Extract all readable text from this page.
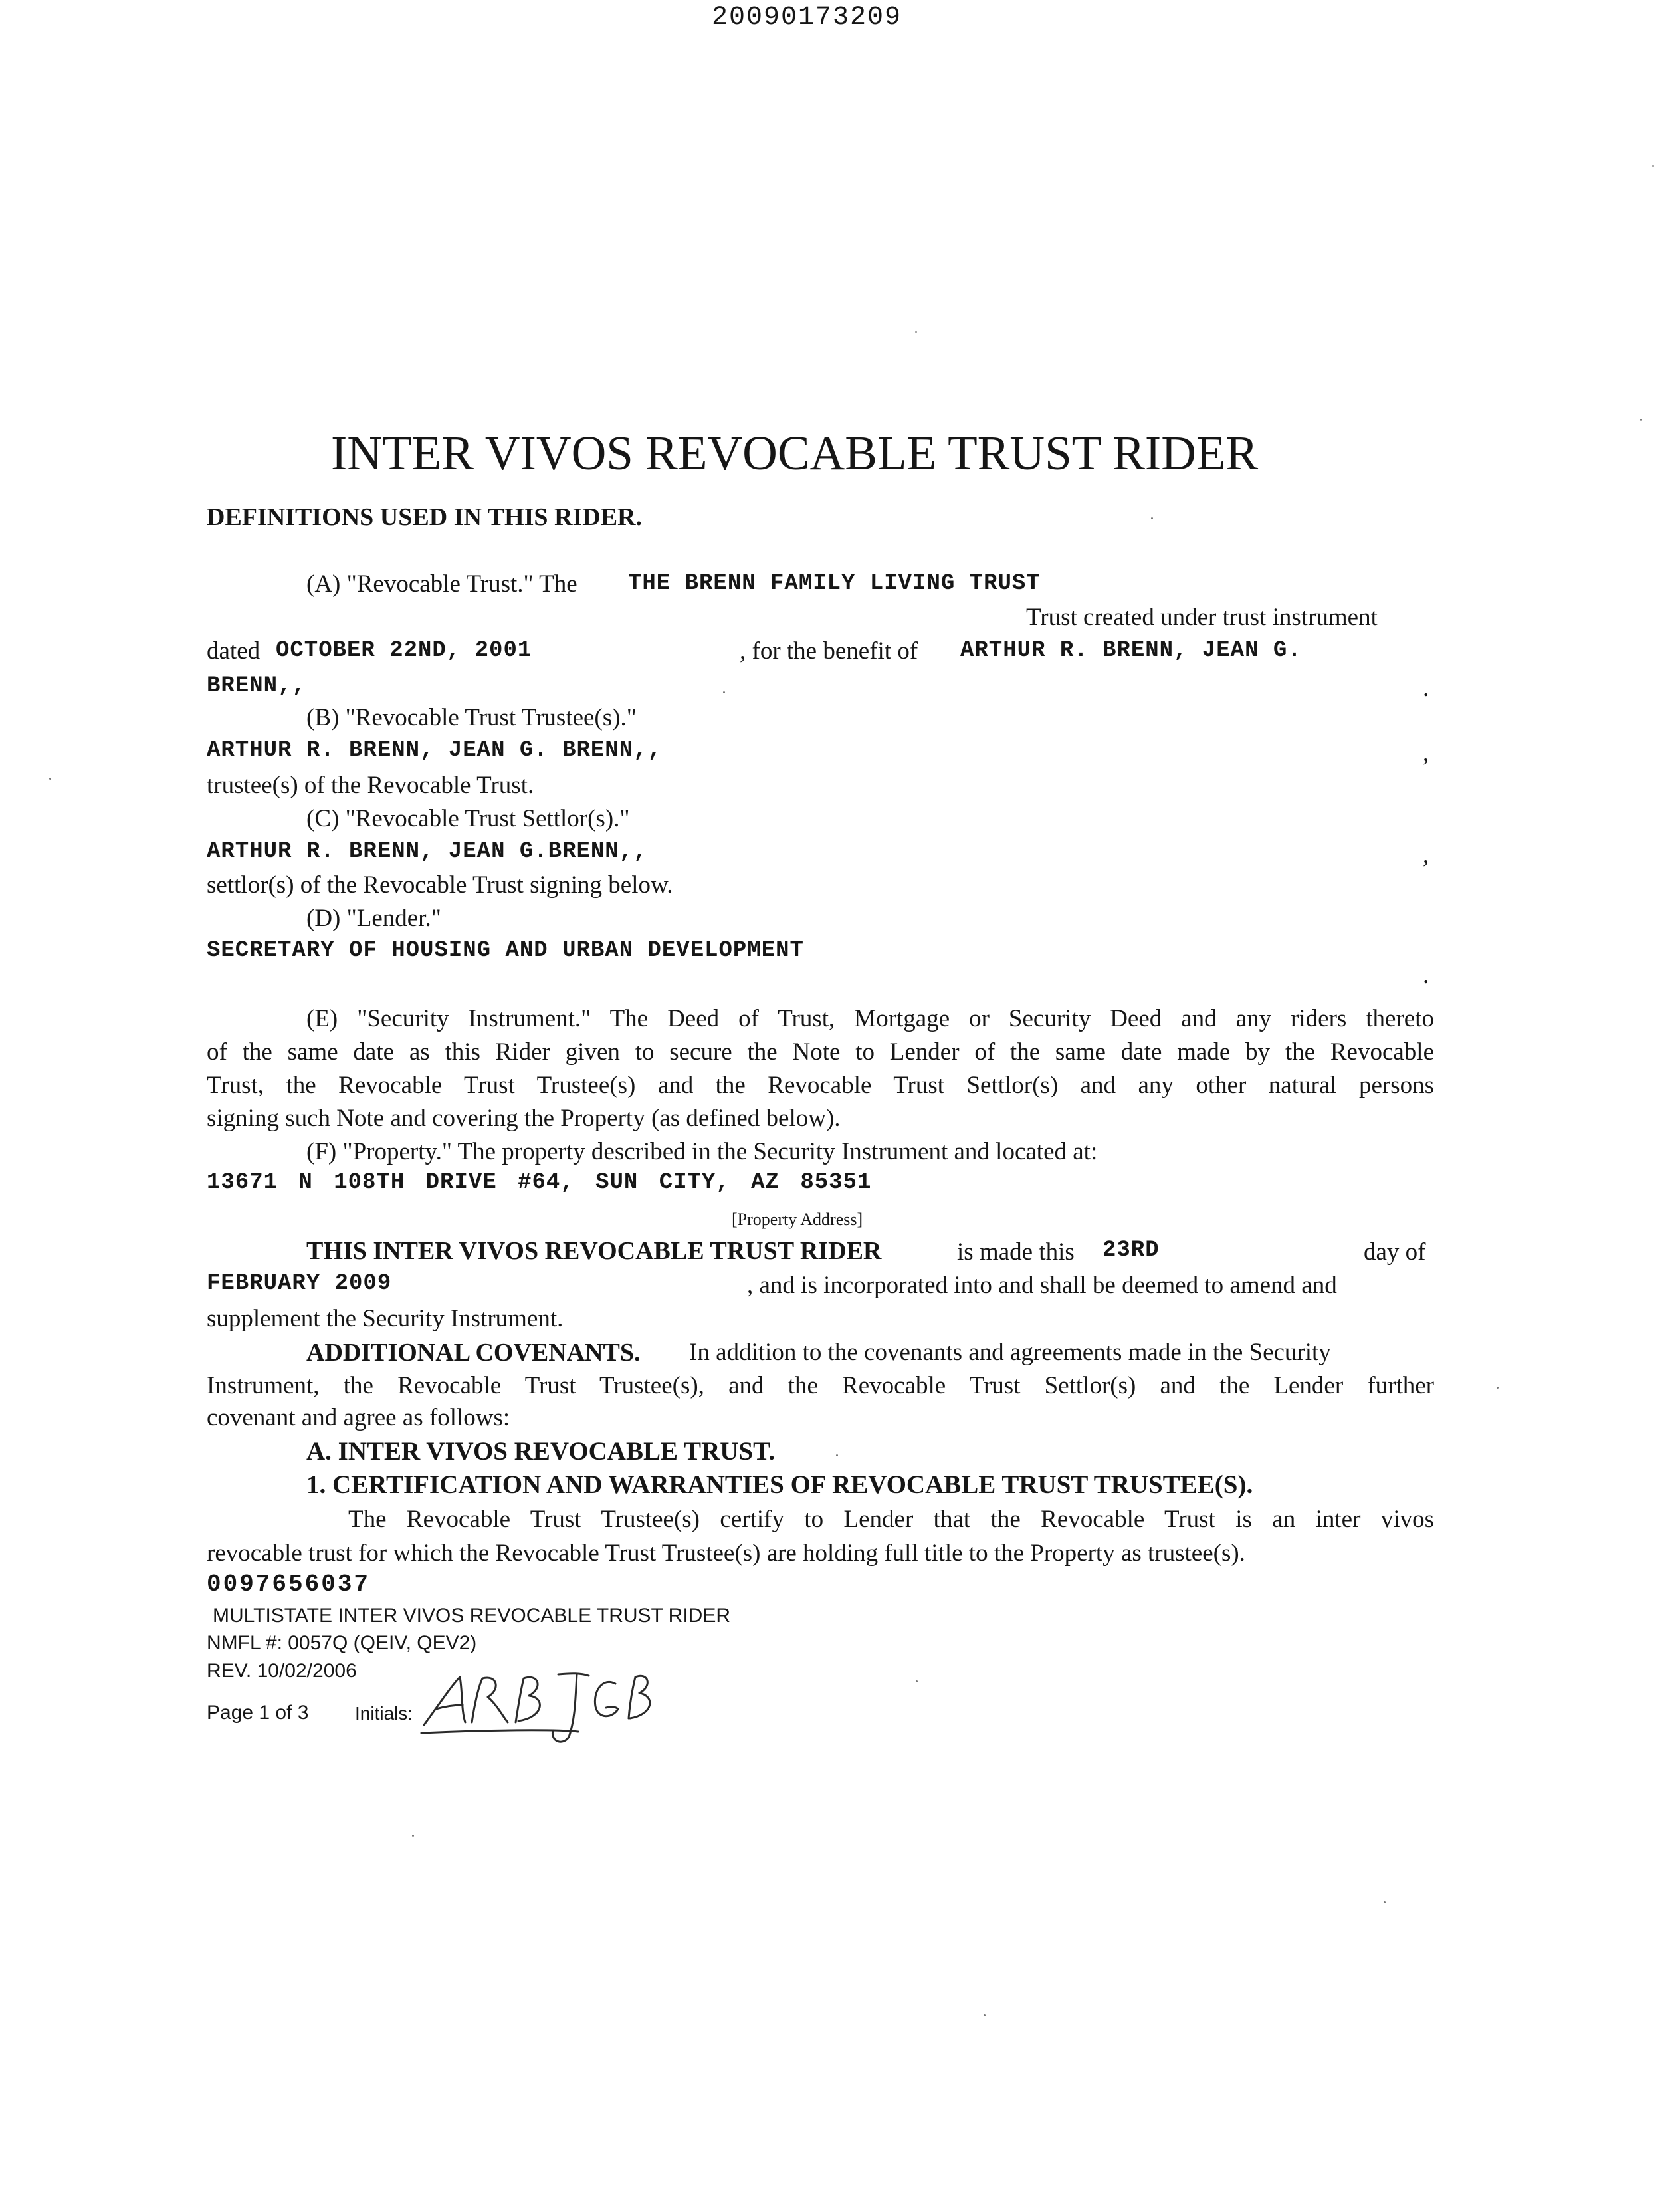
20090173209
INTER VIVOS REVOCABLE TRUST RIDER
DEFINITIONS USED IN THIS RIDER.
(A) "Revocable Trust." The THE BRENN FAMILY LIVING TRUST
Trust created under trust instrument
dated OCTOBER 22ND, 2001	, for the benefit of ARTHUR R. BRENN, JEAN G.
BRENN,,	.
(B) "Revocable Trust Trustee(s)."
ARTHUR R. BRENN, JEAN G. BRENN,,	,
trustee(s) of the Revocable Trust.
(C) "Revocable Trust Settlor(s)."
ARTHUR R. BRENN, JEAN G.BRENN,,	,
settlor(s) of the Revocable Trust signing below.
(D) "Lender."
SECRETARY OF HOUSING AND URBAN DEVELOPMENT
.
(E) "Security Instrument." The Deed of Trust, Mortgage or Security Deed and any riders thereto
of the same date as this Rider given to secure the Note to Lender of the same date made by the Revocable
Trust, the Revocable Trust Trustee(s) and the Revocable Trust Settlor(s) and any other natural persons
signing such Note and covering the Property (as defined below).
(F) "Property." The property described in the Security Instrument and located at:
13671 N 108TH DRIVE #64, SUN CITY, AZ 85351
[Property Address]
THIS INTER VIVOS REVOCABLE TRUST RIDER	is made this 23RD	day of
FEBRUARY 2009	, and is incorporated into and shall be deemed to amend and
supplement the Security Instrument.
ADDITIONAL COVENANTS. In addition to the covenants and agreements made in the Security
Instrument, the Revocable Trust Trustee(s), and the Revocable Trust Settlor(s) and the Lender further
covenant and agree as follows:
A. INTER VIVOS REVOCABLE TRUST.
1. CERTIFICATION AND WARRANTIES OF REVOCABLE TRUST TRUSTEE(S).
The Revocable Trust Trustee(s) certify to Lender that the Revocable Trust is an inter vivos
revocable trust for which the Revocable Trust Trustee(s) are holding full title to the Property as trustee(s).
0097656037
MULTISTATE INTER VIVOS REVOCABLE TRUST RIDER
NMFL #: 0057Q (QEIV, QEV2)
REV. 10/02/2006
Page 1 of 3 Initials:
